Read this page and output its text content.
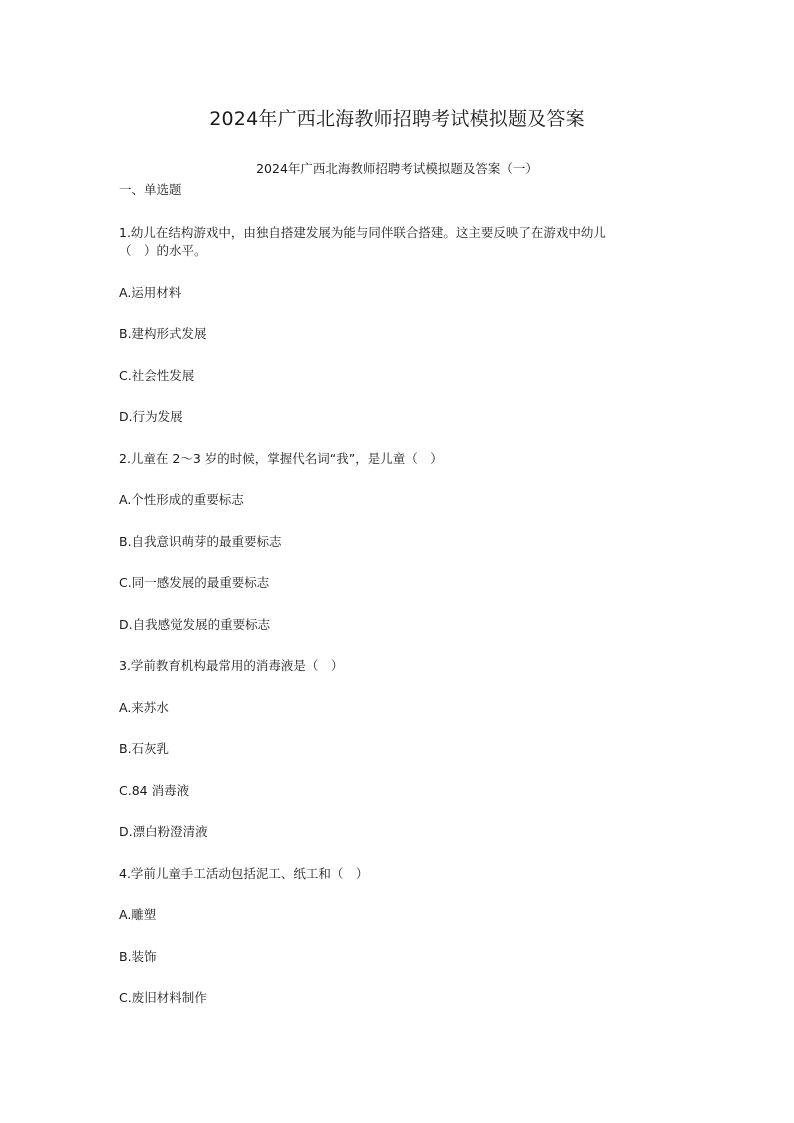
2024年广西北海教师招聘考试模拟题及答案
2024年广西北海教师招聘考试模拟题及答案（一）
一、单选题
1.幼儿在结构游戏中，由独自搭建发展为能与同伴联合搭建。这主要反映了在游戏中幼儿
（　）的水平。
A.运用材料
B.建构形式发展
C.社会性发展
D.行为发展
2.儿童在 2～3 岁的时候，掌握代名词“我”，是儿童（　）
A.个性形成的重要标志
B.自我意识萌芽的最重要标志
C.同一感发展的最重要标志
D.自我感觉发展的重要标志
3.学前教育机构最常用的消毒液是（　）
A.来苏水
B.石灰乳
C.84 消毒液
D.漂白粉澄清液
4.学前儿童手工活动包括泥工、纸工和（　）
A.雕塑
B.装饰
C.废旧材料制作
